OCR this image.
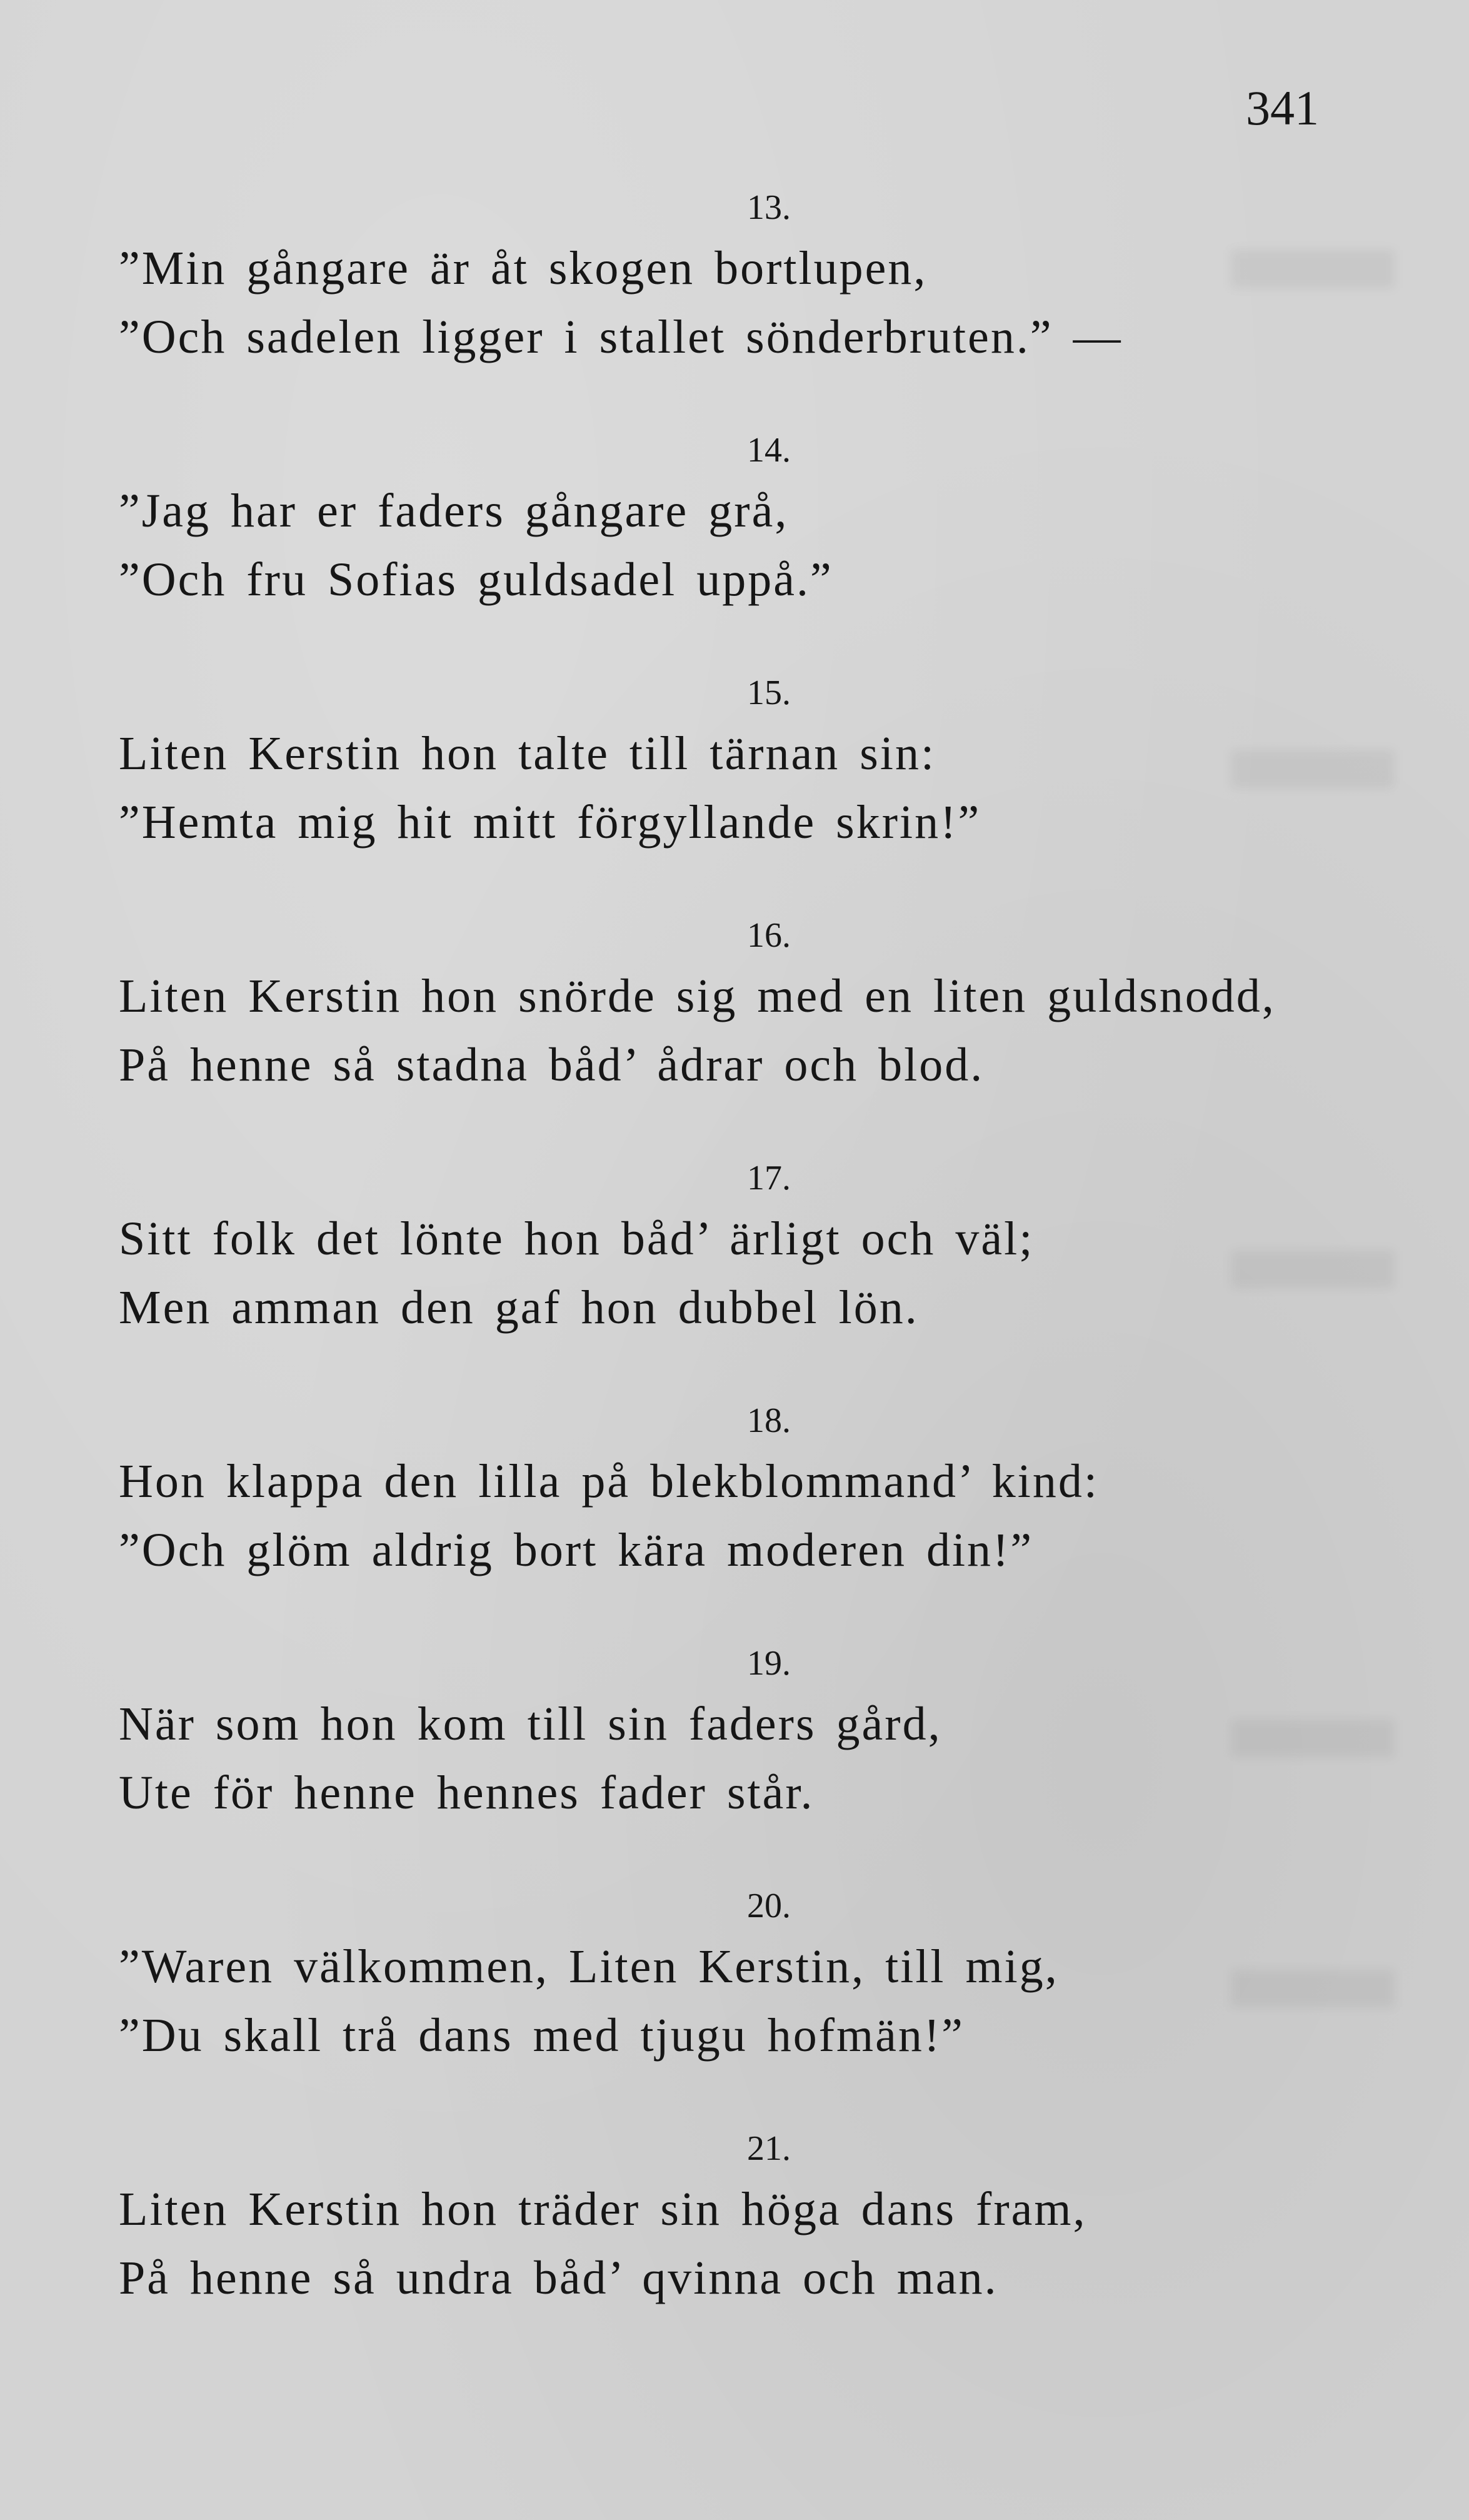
341
13.
”Min gångare är åt skogen bortlupen,
”Och sadelen ligger i stallet sönderbruten.” —
14.
”Jag har er faders gångare grå,
”Och fru Sofias guldsadel uppå.”
15.
Liten Kerstin hon talte till tärnan sin:
”Hemta mig hit mitt förgyllande skrin!”
16.
Liten Kerstin hon snörde sig med en liten guldsnodd,
På henne så stadna båd’ ådrar och blod.
17.
Sitt folk det lönte hon båd’ ärligt och väl;
Men amman den gaf hon dubbel lön.
18.
Hon klappa den lilla på blekblommand’ kind:
”Och glöm aldrig bort kära moderen din!”
19.
När som hon kom till sin faders gård,
Ute för henne hennes fader står.
20.
”Waren välkommen, Liten Kerstin, till mig,
”Du skall trå dans med tjugu hofmän!”
21.
Liten Kerstin hon träder sin höga dans fram,
På henne så undra båd’ qvinna och man.
